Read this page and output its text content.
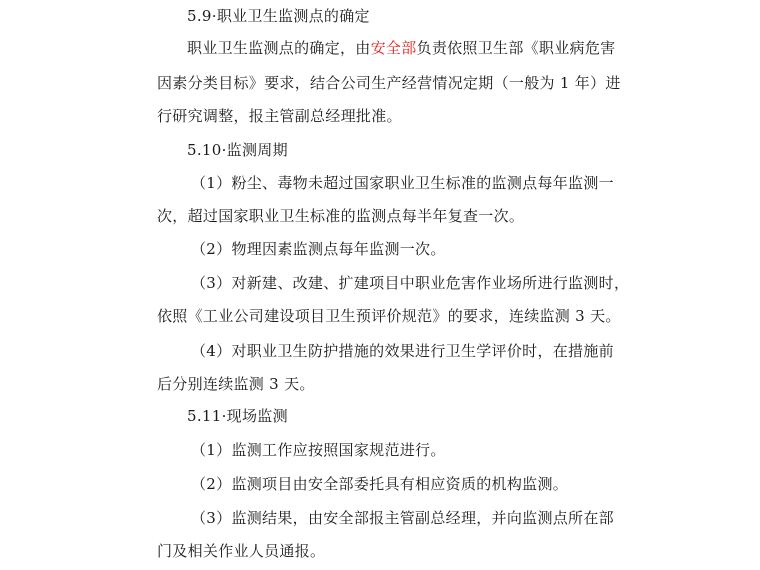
5.9·职业卫生监测点的确定
职业卫生监测点的确定，由安全部负责依照卫生部《职业病危害
因素分类目标》要求，结合公司生产经营情况定期（一般为 1 年）进
行研究调整，报主管副总经理批准。
5.10·监测周期
（1）粉尘、毒物未超过国家职业卫生标准的监测点每年监测一
次，超过国家职业卫生标准的监测点每半年复查一次。
（2）物理因素监测点每年监测一次。
（3）对新建、改建、扩建项目中职业危害作业场所进行监测时，
依照《工业公司建设项目卫生预评价规范》的要求，连续监测 3 天。
（4）对职业卫生防护措施的效果进行卫生学评价时，在措施前
后分别连续监测 3 天。
5.11·现场监测
（1）监测工作应按照国家规范进行。
（2）监测项目由安全部委托具有相应资质的机构监测。
（3）监测结果，由安全部报主管副总经理，并向监测点所在部
门及相关作业人员通报。
